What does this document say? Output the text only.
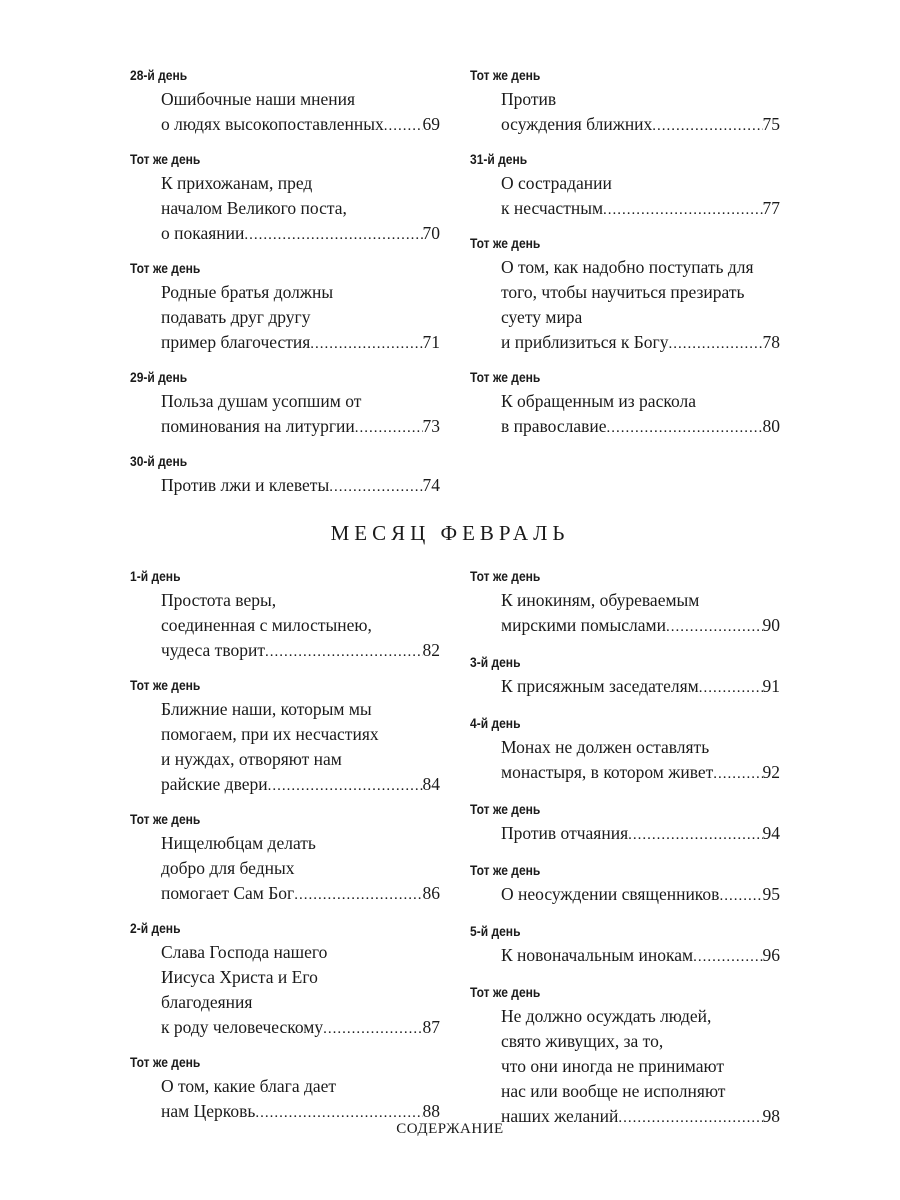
28-й день
Ошибочные наши мнения
о людях высокопоставленных ..... 69
Тот же день
К прихожанам, пред
началом Великого поста,
о покаянии .....	70
Тот же день
Родные братья должны
подавать друг другу
пример благочестия .....	71
29-й день
Польза душам усопшим от
поминования на литургии .....	73
30-й день
Против лжи и клеветы .....	74
Тот же день
Против
осуждения ближних .....	75
31-й день
О сострадании
к несчастным .....	77
Тот же день
О том, как надобно поступать для
того, чтобы научиться презирать
суету мира
и приблизиться к Богу .....	78
Тот же день
К обращенным из раскола
в православие .....	80
МЕСЯЦ ФЕВРАЛЬ
1-й день
Простота веры,
соединенная с милостынею,
чудеса творит .....	82
Тот же день
Ближние наши, которым мы
помогаем, при их несчастиях
и нуждах, отворяют нам
райские двери .....	84
Тот же день
Нищелюбцам делать
добро для бедных
помогает Сам Бог .....	86
2-й день
Слава Господа нашего
Иисуса Христа и Его
благодеяния
к роду человеческому .....	87
Тот же день
О том, какие блага дает
нам Церковь .....	88
Тот же день
К инокиням, обуреваемым
мирскими помыслами .....	90
3-й день
К присяжным заседателям .....	91
4-й день
Монах не должен оставлять
монастыря, в котором живет .....	92
Тот же день
Против отчаяния .....	94
Тот же день
О неосуждении священников ..... 95
5-й день
К новоначальным инокам .....	96
Тот же день
Не должно осуждать людей,
свято живущих, за то,
что они иногда не принимают
нас или вообще не исполняют
наших желаний .....	98
СОДЕРЖАНИЕ
